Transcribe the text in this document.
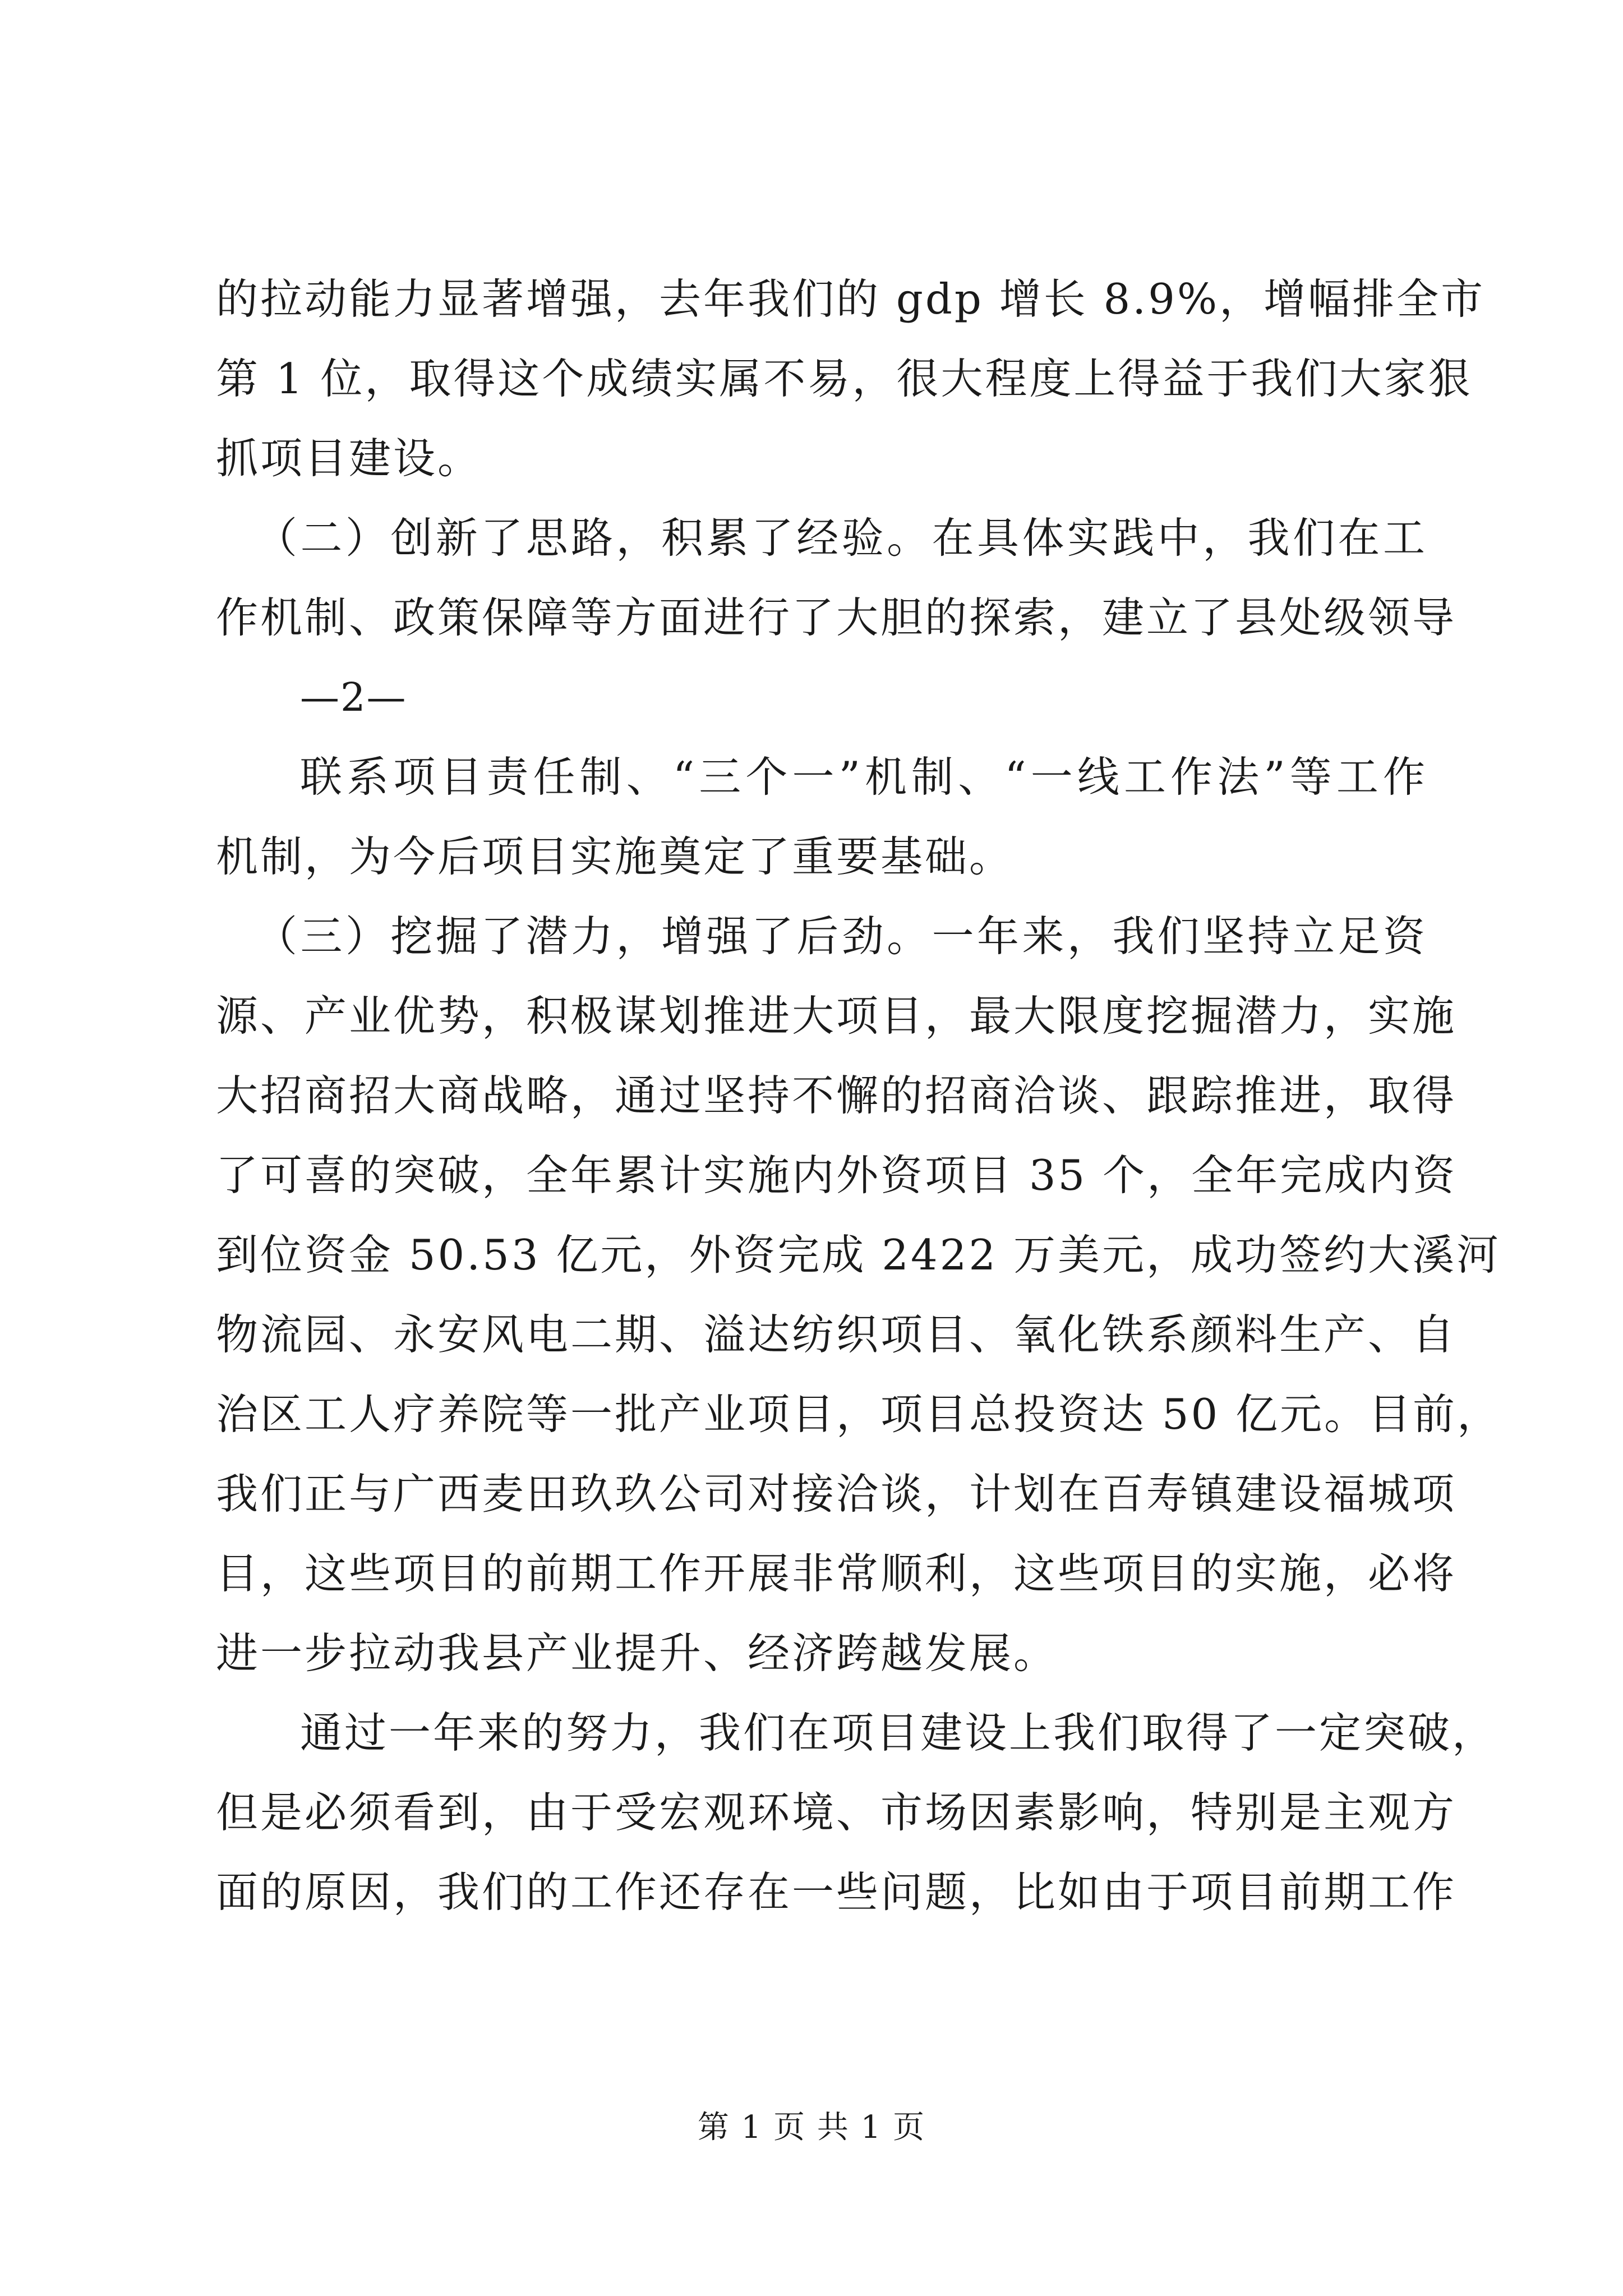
的拉动能力显著增强，去年我们的 gdp 增长 8.9%，增幅排全市
第 1 位，取得这个成绩实属不易，很大程度上得益于我们大家狠
抓项目建设。
（二）创新了思路，积累了经验。在具体实践中，我们在工
作机制、政策保障等方面进行了大胆的探索，建立了县处级领导
—2—
联系项目责任制、“三个一”机制、“一线工作法”等工作
机制，为今后项目实施奠定了重要基础。
（三）挖掘了潜力，增强了后劲。一年来，我们坚持立足资
源、产业优势，积极谋划推进大项目，最大限度挖掘潜力，实施
大招商招大商战略，通过坚持不懈的招商洽谈、跟踪推进，取得
了可喜的突破，全年累计实施内外资项目 35 个，全年完成内资
到位资金 50.53 亿元，外资完成 2422 万美元，成功签约大溪河
物流园、永安风电二期、溢达纺织项目、氧化铁系颜料生产、自
治区工人疗养院等一批产业项目，项目总投资达 50 亿元。目前，
我们正与广西麦田玖玖公司对接洽谈，计划在百寿镇建设福城项
目，这些项目的前期工作开展非常顺利，这些项目的实施，必将
进一步拉动我县产业提升、经济跨越发展。
通过一年来的努力，我们在项目建设上我们取得了一定突破，
但是必须看到，由于受宏观环境、市场因素影响，特别是主观方
面的原因，我们的工作还存在一些问题，比如由于项目前期工作
第 1 页 共 1 页
